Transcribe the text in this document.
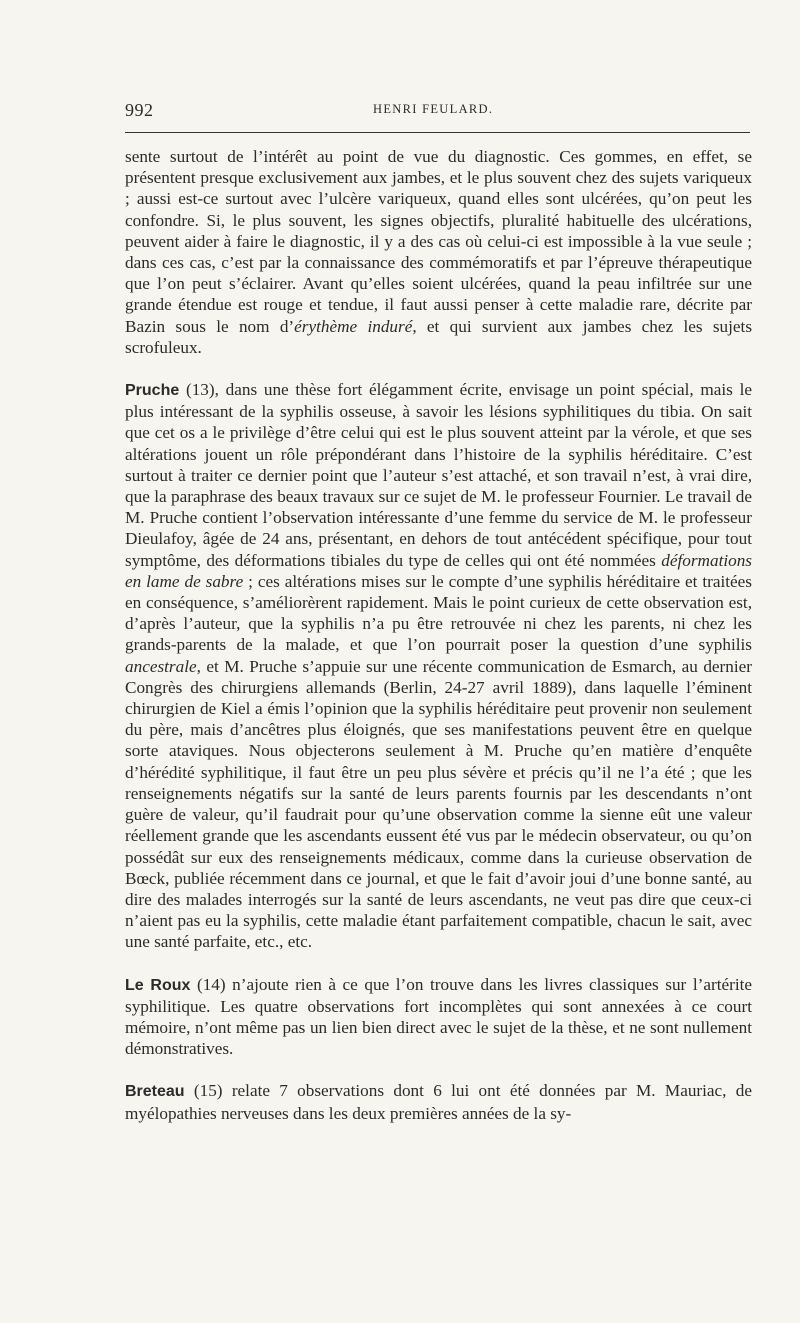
992	HENRI FEULARD.

sente surtout de l’intérêt au point de vue du diagnostic. Ces gommes, en effet, se présentent presque exclusivement aux jambes, et le plus souvent chez des sujets variqueux ; aussi est-ce surtout avec l’ulcère variqueux, quand elles sont ulcérées, qu’on peut les confondre. Si, le plus souvent, les signes objectifs, pluralité habituelle des ulcérations, peuvent aider à faire le diagnostic, il y a des cas où celui-ci est impossible à la vue seule ; dans ces cas, c’est par la connaissance des commémoratifs et par l’épreuve thérapeutique que l’on peut s’éclairer. Avant qu’elles soient ulcérées, quand la peau infiltrée sur une grande étendue est rouge et tendue, il faut aussi penser à cette maladie rare, décrite par Bazin sous le nom d’érythème induré, et qui survient aux jambes chez les sujets scrofuleux.

Pruche (13), dans une thèse fort élégamment écrite, envisage un point spécial, mais le plus intéressant de la syphilis osseuse, à savoir les lésions syphilitiques du tibia. On sait que cet os a le privilège d’être celui qui est le plus souvent atteint par la vérole, et que ses altérations jouent un rôle prépondérant dans l’histoire de la syphilis héréditaire. C’est surtout à traiter ce dernier point que l’auteur s’est attaché, et son travail n’est, à vrai dire, que la paraphrase des beaux travaux sur ce sujet de M. le professeur Fournier. Le travail de M. Pruche contient l’observation intéressante d’une femme du service de M. le professeur Dieulafoy, âgée de 24 ans, présentant, en dehors de tout antécédent spécifique, pour tout symptôme, des déformations tibiales du type de celles qui ont été nommées déformations en lame de sabre ; ces altérations mises sur le compte d’une syphilis héréditaire et traitées en conséquence, s’améliorèrent rapidement. Mais le point curieux de cette observation est, d’après l’auteur, que la syphilis n’a pu être retrouvée ni chez les parents, ni chez les grands-parents de la malade, et que l’on pourrait poser la question d’une syphilis ancestrale, et M. Pruche s’appuie sur une récente communication de Esmarch, au dernier Congrès des chirurgiens allemands (Berlin, 24-27 avril 1889), dans laquelle l’éminent chirurgien de Kiel a émis l’opinion que la syphilis héréditaire peut provenir non seulement du père, mais d’ancêtres plus éloignés, que ses manifestations peuvent être en quelque sorte ataviques. Nous objecterons seulement à M. Pruche qu’en matière d’enquête d’hérédité syphilitique, il faut être un peu plus sévère et précis qu’il ne l’a été ; que les renseignements négatifs sur la santé de leurs parents fournis par les descendants n’ont guère de valeur, qu’il faudrait pour qu’une observation comme la sienne eût une valeur réellement grande que les ascendants eussent été vus par le médecin observateur, ou qu’on possédât sur eux des renseignements médicaux, comme dans la curieuse observation de Bœck, publiée récemment dans ce journal, et que le fait d’avoir joui d’une bonne santé, au dire des malades interrogés sur la santé de leurs ascendants, ne veut pas dire que ceux-ci n’aient pas eu la syphilis, cette maladie étant parfaitement compatible, chacun le sait, avec une santé parfaite, etc., etc.

Le Roux (14) n’ajoute rien à ce que l’on trouve dans les livres classiques sur l’artérite syphilitique. Les quatre observations fort incomplètes qui sont annexées à ce court mémoire, n’ont même pas un lien bien direct avec le sujet de la thèse, et ne sont nullement démonstratives.

Breteau (15) relate 7 observations dont 6 lui ont été données par M. Mauriac, de myélopathies nerveuses dans les deux premières années de la sy-
